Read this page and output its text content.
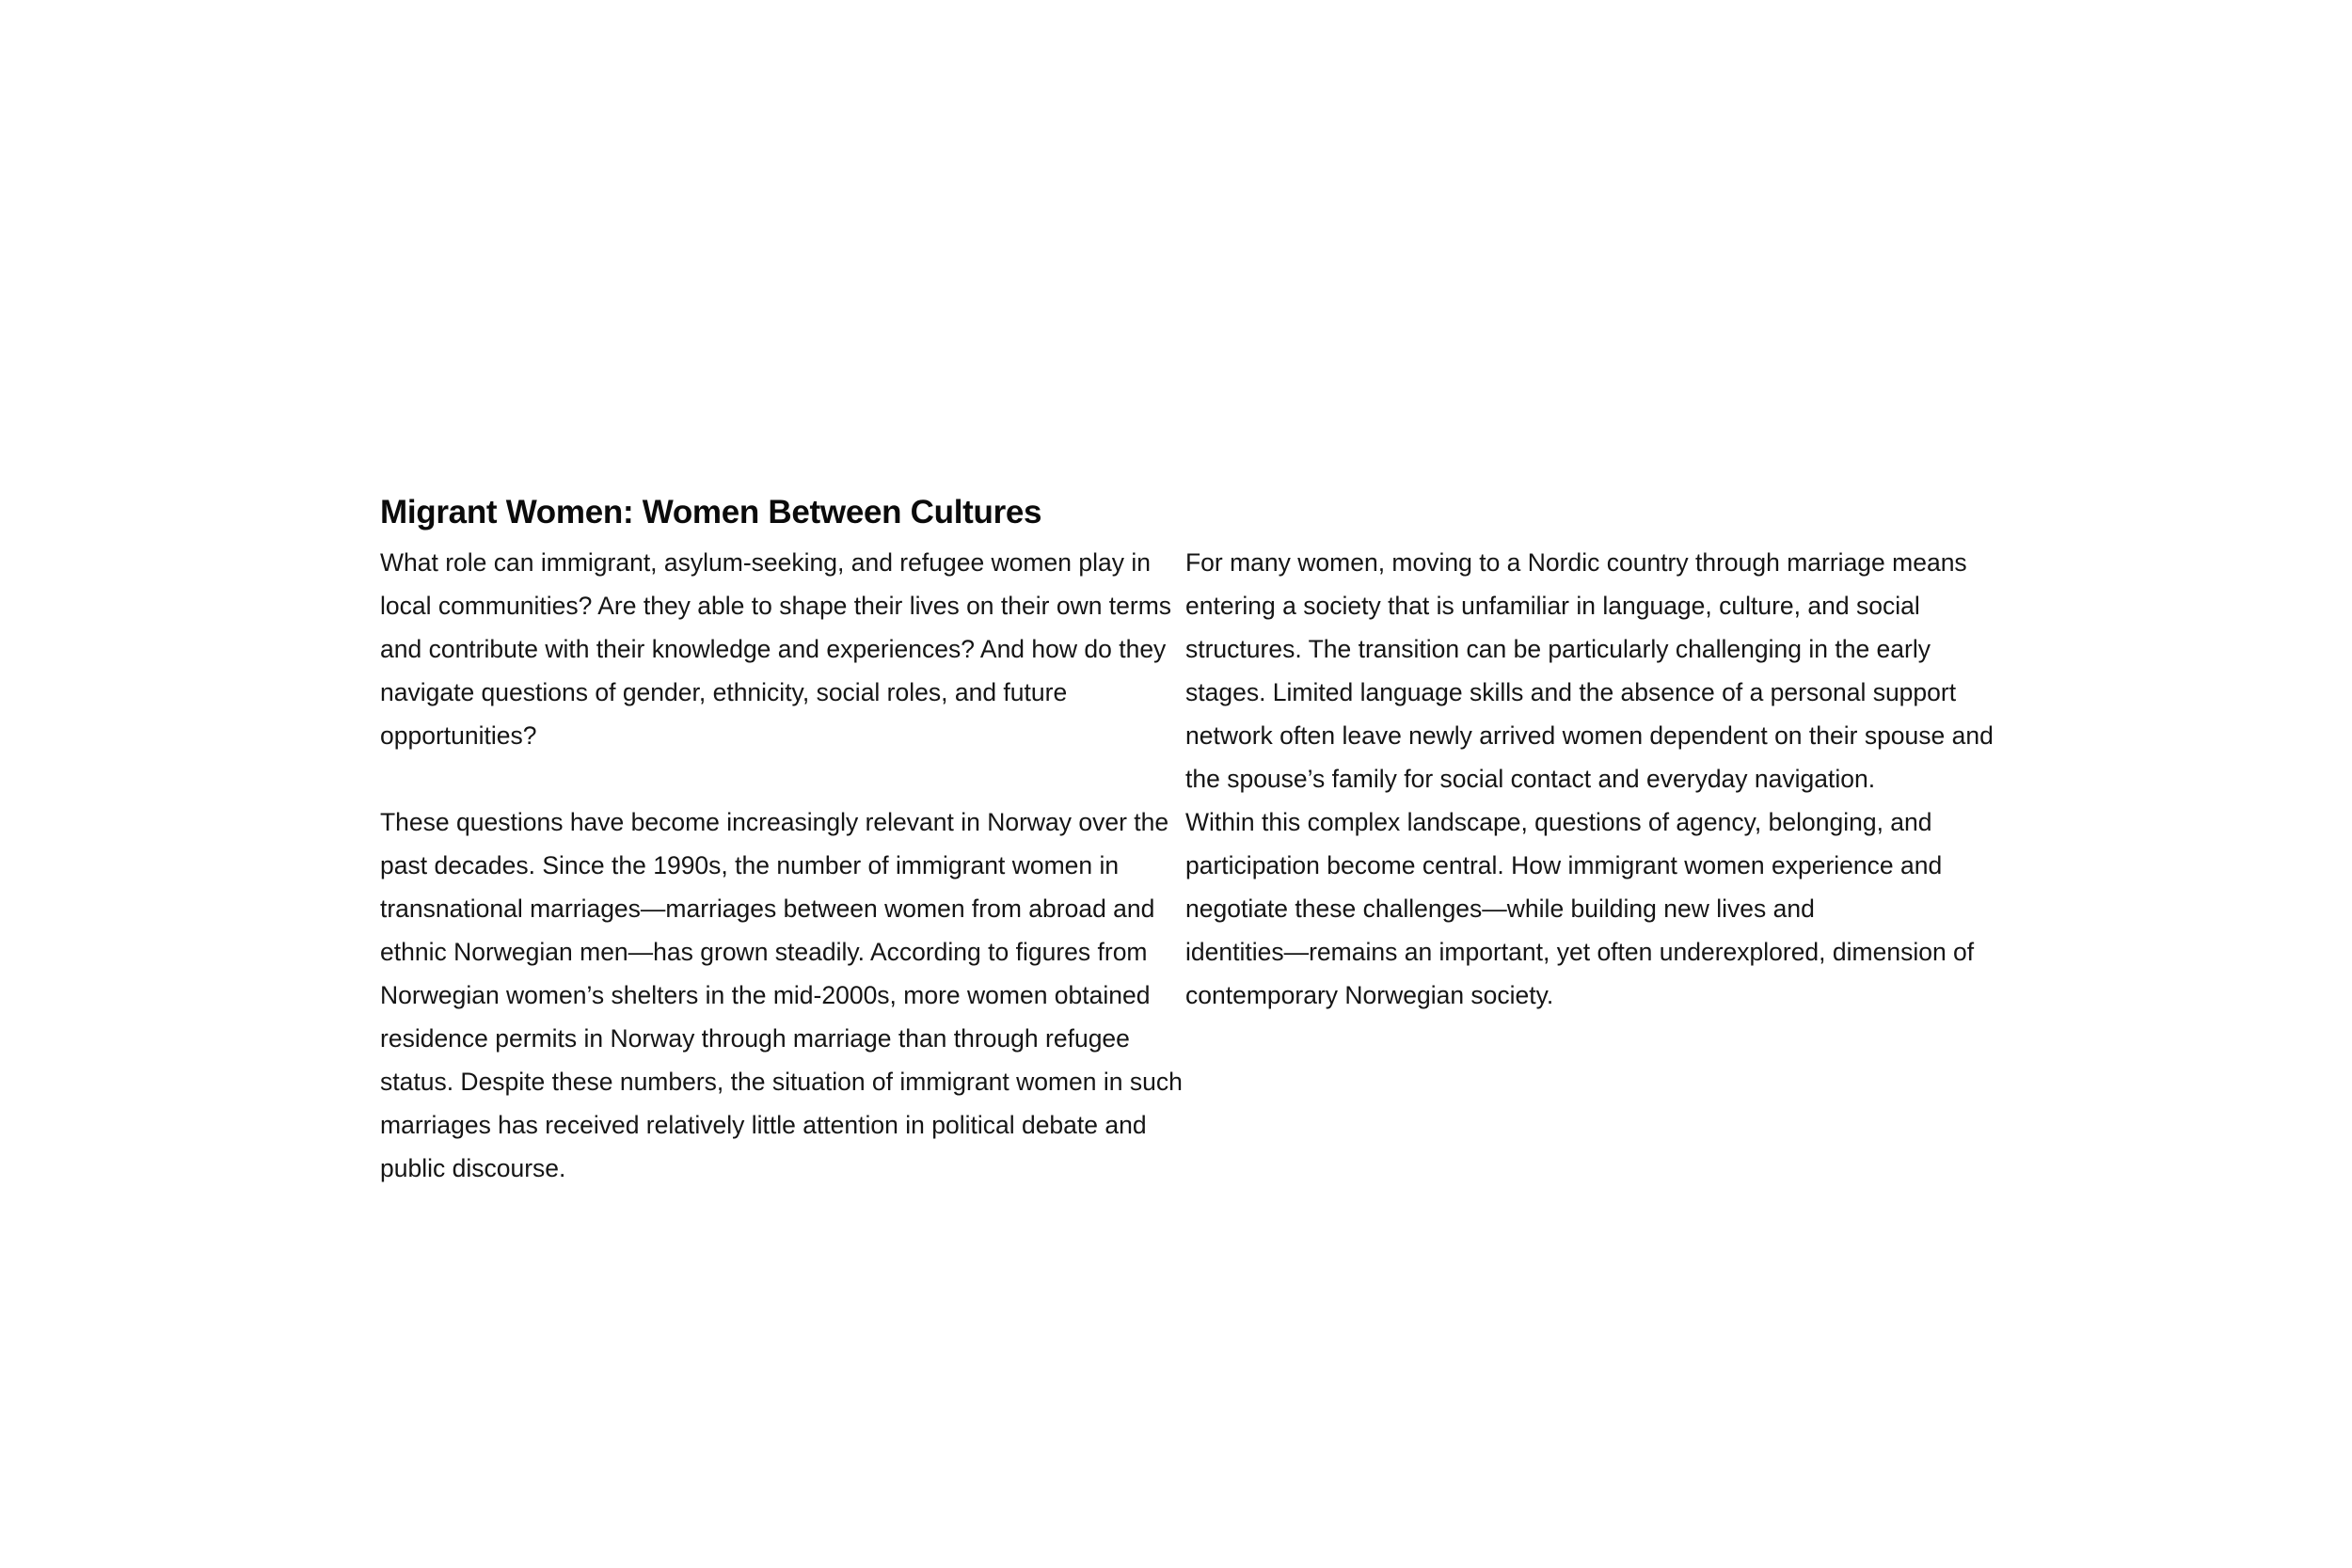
Migrant Women: Women Between Cultures

What role can immigrant, asylum-seeking, and refugee women play in
local communities? Are they able to shape their lives on their own terms
and contribute with their knowledge and experiences? And how do they
navigate questions of gender, ethnicity, social roles, and future
opportunities?

These questions have become increasingly relevant in Norway over the
past decades. Since the 1990s, the number of immigrant women in
transnational marriages—marriages between women from abroad and
ethnic Norwegian men—has grown steadily. According to figures from
Norwegian women’s shelters in the mid-2000s, more women obtained
residence permits in Norway through marriage than through refugee
status. Despite these numbers, the situation of immigrant women in such
marriages has received relatively little attention in political debate and
public discourse.

For many women, moving to a Nordic country through marriage means
entering a society that is unfamiliar in language, culture, and social
structures. The transition can be particularly challenging in the early
stages. Limited language skills and the absence of a personal support
network often leave newly arrived women dependent on their spouse and
the spouse’s family for social contact and everyday navigation.

Within this complex landscape, questions of agency, belonging, and
participation become central. How immigrant women experience and
negotiate these challenges—while building new lives and
identities—remains an important, yet often underexplored, dimension of
contemporary Norwegian society.
